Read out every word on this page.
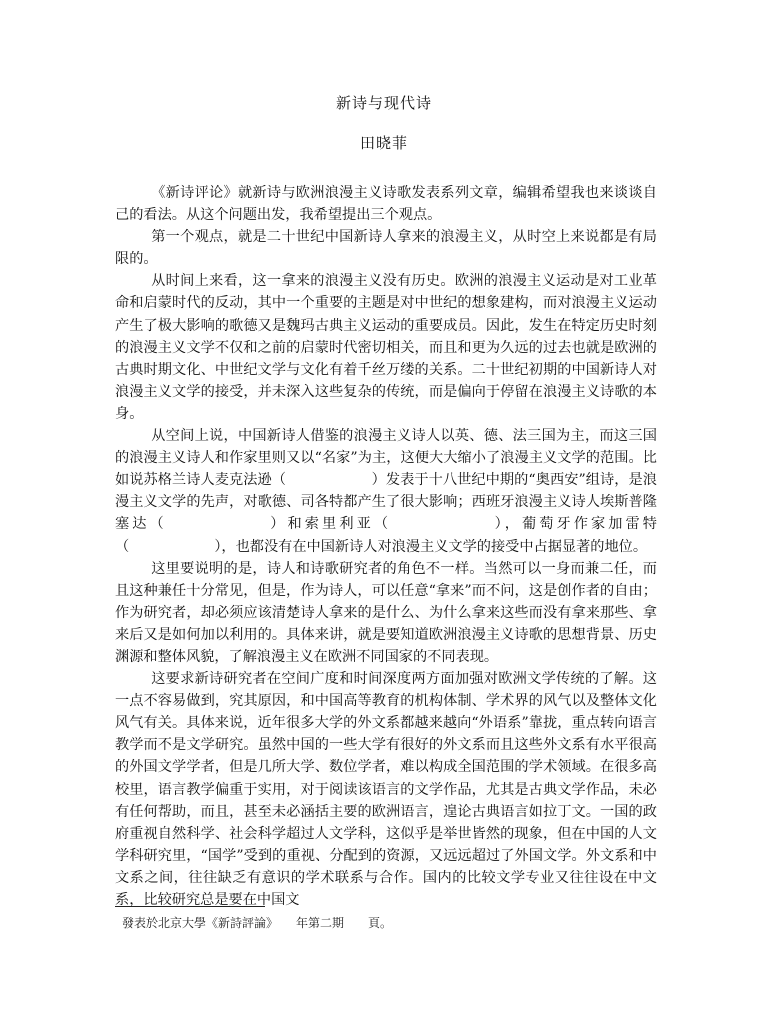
新诗与现代诗
田晓菲

《新诗评论》就新诗与欧洲浪漫主义诗歌发表系列文章，编辑希望我也来谈谈自己的看法。从这个问题出发，我希望提出三个观点。

第一个观点，就是二十世纪中国新诗人拿来的浪漫主义，从时空上来说都是有局限的。

从时间上来看，这一拿来的浪漫主义没有历史。欧洲的浪漫主义运动是对工业革命和启蒙时代的反动，其中一个重要的主题是对中世纪的想象建构，而对浪漫主义运动产生了极大影响的歌德又是魏玛古典主义运动的重要成员。因此，发生在特定历史时刻的浪漫主义文学不仅和之前的启蒙时代密切相关，而且和更为久远的过去也就是欧洲的古典时期文化、中世纪文学与文化有着千丝万缕的关系。二十世纪初期的中国新诗人对浪漫主义文学的接受，并未深入这些复杂的传统，而是偏向于停留在浪漫主义诗歌的本身。

从空间上说，中国新诗人借鉴的浪漫主义诗人以英、德、法三国为主，而这三国的浪漫主义诗人和作家里则又以“名家”为主，这便大大缩小了浪漫主义文学的范围。比如说苏格兰诗人麦克法逊（　　　　　　）发表于十八世纪中期的“奥西安”组诗，是浪漫主义文学的先声，对歌德、司各特都产生了很大影响；西班牙浪漫主义诗人埃斯普隆塞达（　　　　　　）和索里利亚（　　　　　　），葡萄牙作家加雷特（　　　　　　），也都没有在中国新诗人对浪漫主义文学的接受中占据显著的地位。

这里要说明的是，诗人和诗歌研究者的角色不一样。当然可以一身而兼二任，而且这种兼任十分常见，但是，作为诗人，可以任意“拿来”而不问，这是创作者的自由；作为研究者，却必须应该清楚诗人拿来的是什么、为什么拿来这些而没有拿来那些、拿来后又是如何加以利用的。具体来讲，就是要知道欧洲浪漫主义诗歌的思想背景、历史渊源和整体风貌，了解浪漫主义在欧洲不同国家的不同表现。

这要求新诗研究者在空间广度和时间深度两方面加强对欧洲文学传统的了解。这一点不容易做到，究其原因，和中国高等教育的机构体制、学术界的风气以及整体文化风气有关。具体来说，近年很多大学的外文系都越来越向“外语系”靠拢，重点转向语言教学而不是文学研究。虽然中国的一些大学有很好的外文系而且这些外文系有水平很高的外国文学学者，但是几所大学、数位学者，难以构成全国范围的学术领域。在很多高校里，语言教学偏重于实用，对于阅读该语言的文学作品，尤其是古典文学作品，未必有任何帮助，而且，甚至未必涵括主要的欧洲语言，遑论古典语言如拉丁文。一国的政府重视自然科学、社会科学超过人文学科，这似乎是举世皆然的现象，但在中国的人文学科研究里，“国学”受到的重视、分配到的资源，又远远超过了外国文学。外文系和中文系之间，往往缺乏有意识的学术联系与合作。国内的比较文学专业又往往设在中文系，比较研究总是要在中国文

發表於北京大學《新詩評論》　　年第二期　　頁。
